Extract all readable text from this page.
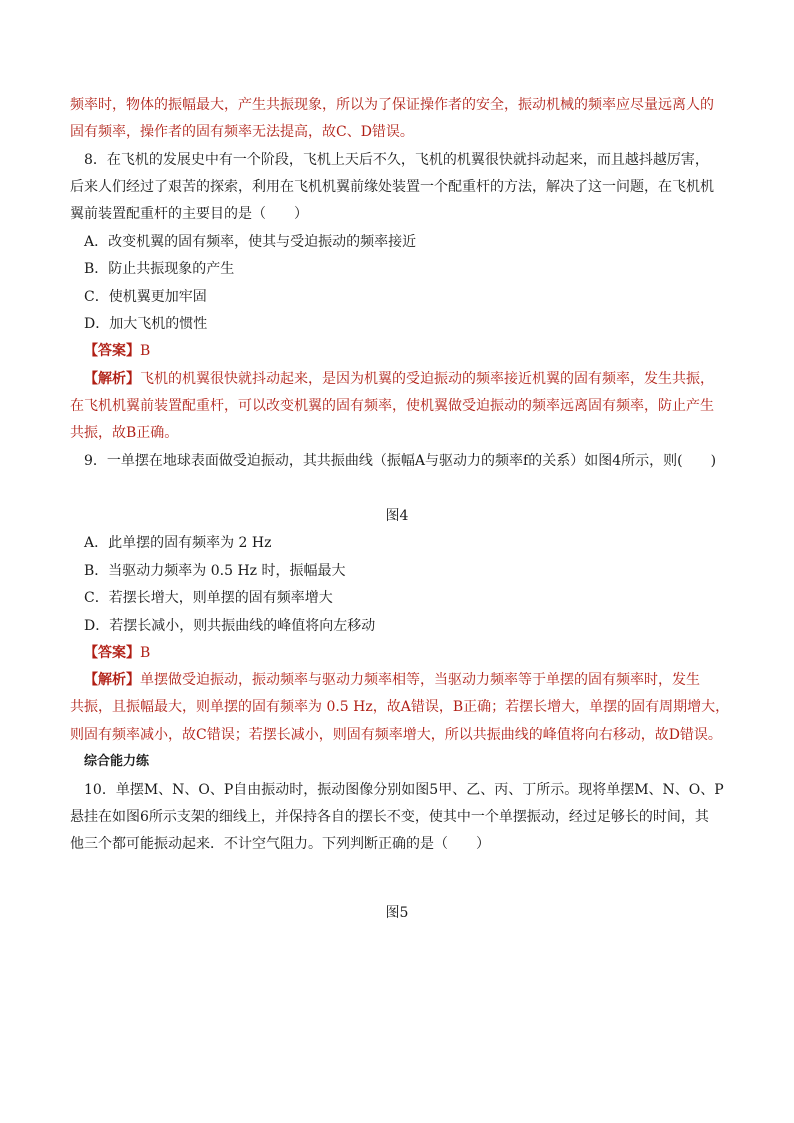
频率时，物体的振幅最大，产生共振现象，所以为了保证操作者的安全，振动机械的频率应尽量远离人的
固有频率，操作者的固有频率无法提高，故C、D错误。
8．在飞机的发展史中有一个阶段，飞机上天后不久，飞机的机翼很快就抖动起来，而且越抖越厉害，
后来人们经过了艰苦的探索，利用在飞机机翼前缘处装置一个配重杆的方法，解决了这一问题，在飞机机
翼前装置配重杆的主要目的是（　　）
A．改变机翼的固有频率，使其与受迫振动的频率接近
B．防止共振现象的产生
C．使机翼更加牢固
D．加大飞机的惯性
【答案】B
【解析】飞机的机翼很快就抖动起来，是因为机翼的受迫振动的频率接近机翼的固有频率，发生共振，
在飞机机翼前装置配重杆，可以改变机翼的固有频率，使机翼做受迫振动的频率远离固有频率，防止产生
共振，故B正确。
9．一单摆在地球表面做受迫振动，其共振曲线（振幅A与驱动力的频率f的关系）如图4所示，则(　　)
图4
A．此单摆的固有频率为 2 Hz
B．当驱动力频率为 0.5 Hz 时，振幅最大
C．若摆长增大，则单摆的固有频率增大
D．若摆长减小，则共振曲线的峰值将向左移动
【答案】B
【解析】单摆做受迫振动，振动频率与驱动力频率相等，当驱动力频率等于单摆的固有频率时，发生
共振，且振幅最大，则单摆的固有频率为 0.5 Hz，故A错误，B正确；若摆长增大，单摆的固有周期增大，
则固有频率减小，故C错误；若摆长减小，则固有频率增大，所以共振曲线的峰值将向右移动，故D错误。
综合能力练
10．单摆M、N、O、P自由振动时，振动图像分别如图5甲、乙、丙、丁所示。现将单摆M、N、O、P
悬挂在如图6所示支架的细线上，并保持各自的摆长不变，使其中一个单摆振动，经过足够长的时间，其
他三个都可能振动起来．不计空气阻力。下列判断正确的是（　　）
图5
